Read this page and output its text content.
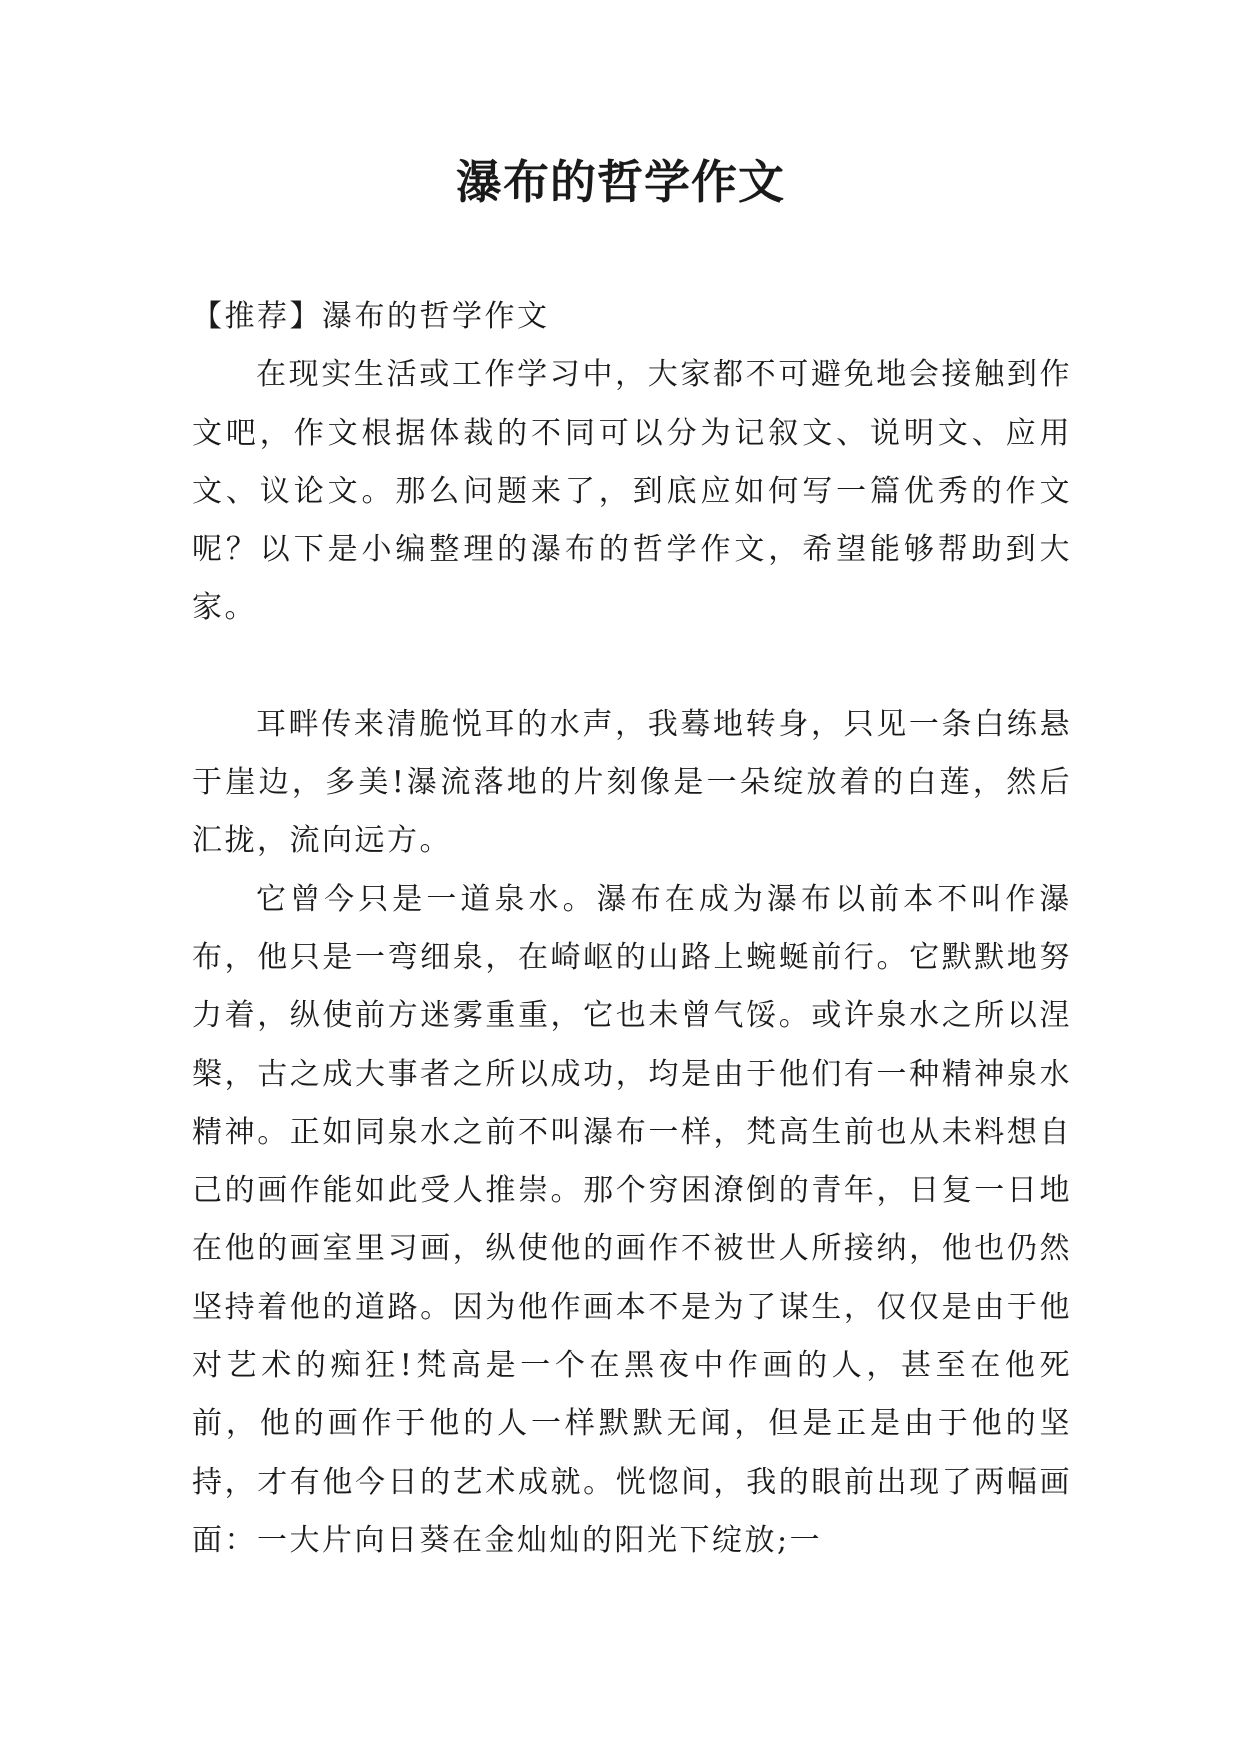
瀑布的哲学作文

【推荐】瀑布的哲学作文

在现实生活或工作学习中，大家都不可避免地会接触到作文吧，作文根据体裁的不同可以分为记叙文、说明文、应用文、议论文。那么问题来了，到底应如何写一篇优秀的作文呢？以下是小编整理的瀑布的哲学作文，希望能够帮助到大家。

耳畔传来清脆悦耳的水声，我蓦地转身，只见一条白练悬于崖边，多美!瀑流落地的片刻像是一朵绽放着的白莲，然后汇拢，流向远方。

它曾今只是一道泉水。瀑布在成为瀑布以前本不叫作瀑布，他只是一弯细泉，在崎岖的山路上蜿蜒前行。它默默地努力着，纵使前方迷雾重重，它也未曾气馁。或许泉水之所以涅槃，古之成大事者之所以成功，均是由于他们有一种精神泉水精神。正如同泉水之前不叫瀑布一样，梵高生前也从未料想自己的画作能如此受人推崇。那个穷困潦倒的青年，日复一日地在他的画室里习画，纵使他的画作不被世人所接纳，他也仍然坚持着他的道路。因为他作画本不是为了谋生，仅仅是由于他对艺术的痴狂!梵高是一个在黑夜中作画的人，甚至在他死前，他的画作于他的人一样默默无闻，但是正是由于他的坚持，才有他今日的艺术成就。恍惚间，我的眼前出现了两幅画面：一大片向日葵在金灿灿的阳光下绽放;一
